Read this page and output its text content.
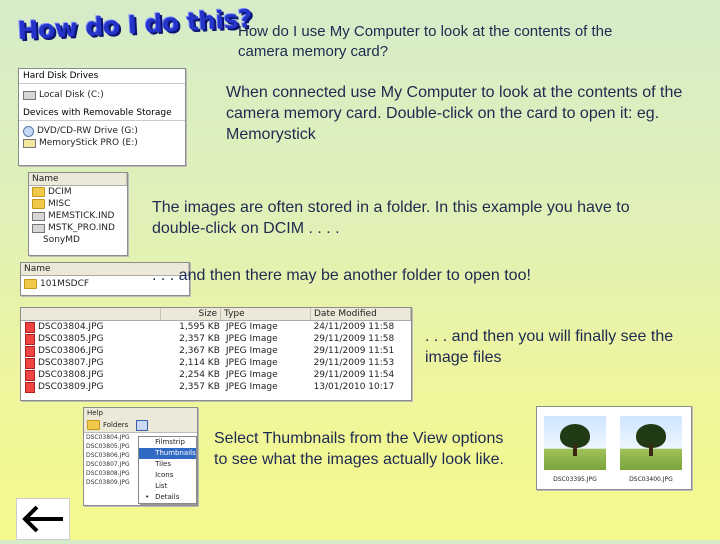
How do I do this?
How do I use My Computer to look at the contents of the camera memory card?
Hard Disk Drives
Local Disk (C:)
Devices with Removable Storage
DVD/CD-RW Drive (G:)
MemoryStick PRO (E:)
When connected use My Computer to look at the contents of the camera memory card. Double-click on the card to open it: eg. Memorystick
Name
DCIM
MISC
MEMSTICK.IND
MSTK_PRO.IND
SonyMD
The images are often stored in a folder. In this example you have to double-click on DCIM . . . .
Name
101MSDCF	. . . and then there may be another folder to open too!
Size Type	Date Modified
DSC03804.JPG	1,595 KB JPEG Image	24/11/2009 11:58
DSC03805.JPG	2,357 KB JPEG Image	29/11/2009 11:58
DSC03806.JPG	2,367 KB JPEG Image	29/11/2009 11:51
DSC03807.JPG	2,114 KB JPEG Image	29/11/2009 11:53
DSC03808.JPG	2,254 KB JPEG Image	29/11/2009 11:54
DSC03809.JPG	2,357 KB JPEG Image	13/01/2010 10:17
. . . and then you will finally see the image files
Help
Folders
DSC03804.JPG
DSC03805.JPG
DSC03806.JPG
DSC03807.JPG
DSC03808.JPG
DSC03809.JPG
Filmstrip
Thumbnails
Tiles
Icons
List
• Details
Select Thumbnails from the View options to see what the images actually look like.
DSC03395.JPG	DSC03400.JPG
